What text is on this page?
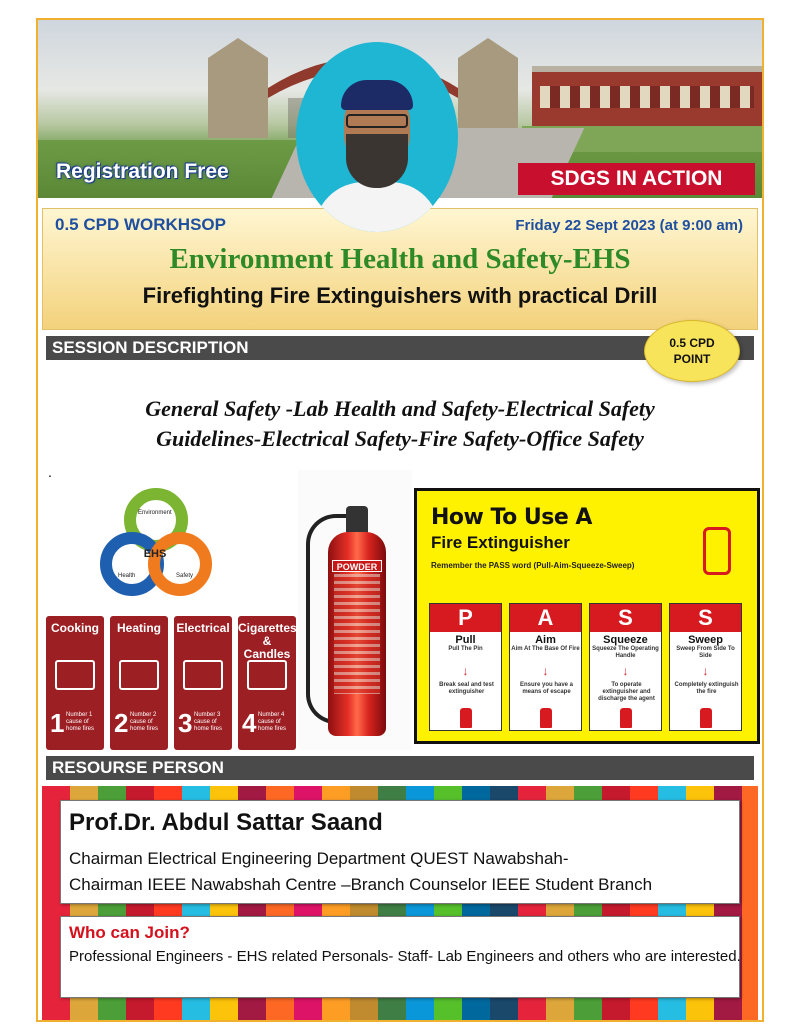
Registration Free	SDGS IN ACTION
0.5 CPD WORKHSOP	Friday 22 Sept 2023 (at 9:00 am)
Environment Health and Safety-EHS
Firefighting Fire Extinguishers with practical Drill
SESSION DESCRIPTION	0.5 CPD
POINT
General Safety -Lab Health and Safety-Electrical Safety
Guidelines-Electrical Safety-Fire Safety-Office Safety
.
EHS
Environment
Health	Safety
Cooking
1 Number 1 cause of home fires
Heating
2 Number 2 cause of home fires
Electrical
3 Number 3 cause of home fires
Cigarettes & Candles
4 Number 4 cause of home fires
POWDER
How To Use A
Fire Extinguisher
Remember the PASS word (Pull-Aim-Squeeze-Sweep)
P
Pull
Pull The Pin
↓
Break seal and test extinguisher
A
Aim
Aim At The Base Of Fire
↓
Ensure you have a means of escape
S
Squeeze
Squeeze The Operating Handle
↓
To operate extinguisher and discharge the agent
S
Sweep
Sweep From Side To Side
↓
Completely extinguish the fire
RESOURSE PERSON
Prof.Dr. Abdul Sattar Saand
Chairman Electrical Engineering Department QUEST Nawabshah-
Chairman IEEE Nawabshah Centre –Branch Counselor IEEE Student Branch
Who can Join?
Professional Engineers - EHS related Personals- Staff- Lab Engineers and others who are interested.
